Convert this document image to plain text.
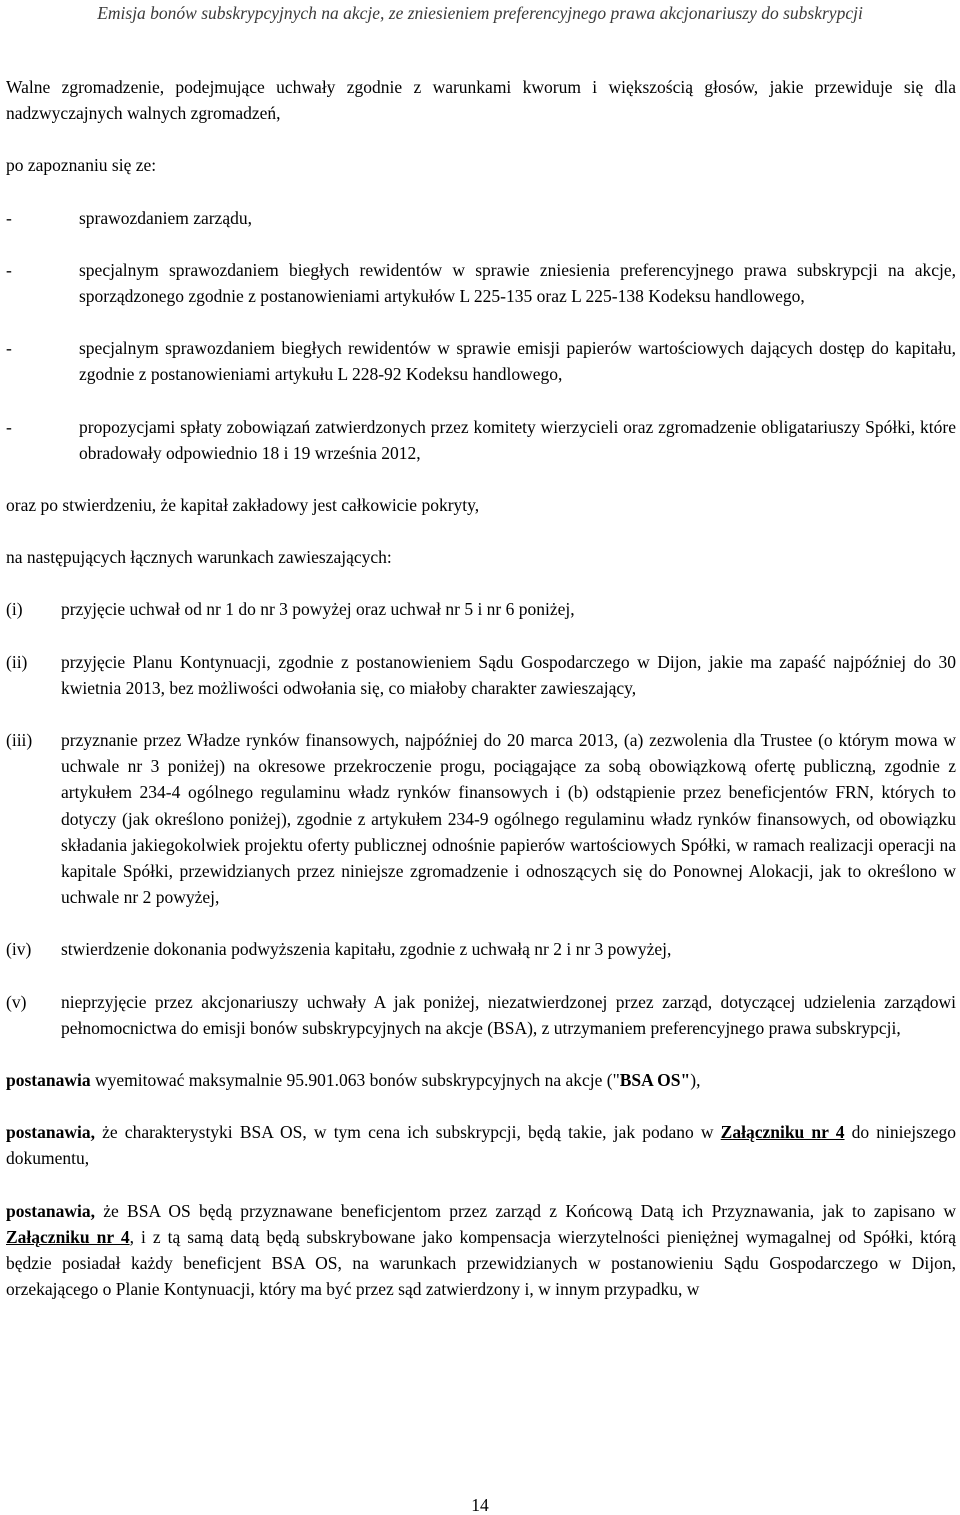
Emisja bonów subskrypcyjnych na akcje, ze zniesieniem preferencyjnego prawa akcjonariuszy do subskrypcji

Walne zgromadzenie, podejmujące uchwały zgodnie z warunkami kworum i większością głosów, jakie przewiduje się dla nadzwyczajnych walnych zgromadzeń,

po zapoznaniu się ze:

-	sprawozdaniem zarządu,

-	specjalnym sprawozdaniem biegłych rewidentów w sprawie zniesienia preferencyjnego prawa subskrypcji na akcje, sporządzonego zgodnie z postanowieniami artykułów L 225-135 oraz L 225-138 Kodeksu handlowego,

-	specjalnym sprawozdaniem biegłych rewidentów w sprawie emisji papierów wartościowych dających dostęp do kapitału, zgodnie z postanowieniami artykułu L 228-92 Kodeksu handlowego,

-	propozycjami spłaty zobowiązań zatwierdzonych przez komitety wierzycieli oraz zgromadzenie obligatariuszy Spółki, które obradowały odpowiednio 18 i 19 września 2012,

oraz po stwierdzeniu, że kapitał zakładowy jest całkowicie pokryty,

na następujących łącznych warunkach zawieszających:

(i) przyjęcie uchwał od nr 1 do nr 3 powyżej oraz uchwał nr 5 i nr 6 poniżej,

(ii) przyjęcie Planu Kontynuacji, zgodnie z postanowieniem Sądu Gospodarczego w Dijon, jakie ma zapaść najpóźniej do 30 kwietnia 2013, bez możliwości odwołania się, co miałoby charakter zawieszający,

(iii) przyznanie przez Władze rynków finansowych, najpóźniej do 20 marca 2013, (a) zezwolenia dla Trustee (o którym mowa w uchwale nr 3 poniżej) na okresowe przekroczenie progu, pociągające za sobą obowiązkową ofertę publiczną, zgodnie z artykułem 234-4 ogólnego regulaminu władz rynków finansowych i (b) odstąpienie przez beneficjentów FRN, których to dotyczy (jak określono poniżej), zgodnie z artykułem 234-9 ogólnego regulaminu władz rynków finansowych, od obowiązku składania jakiegokolwiek projektu oferty publicznej odnośnie papierów wartościowych Spółki, w ramach realizacji operacji na kapitale Spółki, przewidzianych przez niniejsze zgromadzenie i odnoszących się do Ponownej Alokacji, jak to określono w uchwale nr 2 powyżej,

(iv) stwierdzenie dokonania podwyższenia kapitału, zgodnie z uchwałą nr 2 i nr 3 powyżej,

(v) nieprzyjęcie przez akcjonariuszy uchwały A jak poniżej, niezatwierdzonej przez zarząd, dotyczącej udzielenia zarządowi pełnomocnictwa do emisji bonów subskrypcyjnych na akcje (BSA), z utrzymaniem preferencyjnego prawa subskrypcji,

postanawia wyemitować maksymalnie 95.901.063 bonów subskrypcyjnych na akcje ("BSA OS"),

postanawia, że charakterystyki BSA OS, w tym cena ich subskrypcji, będą takie, jak podano w Załączniku nr 4 do niniejszego dokumentu,

postanawia, że BSA OS będą przyznawane beneficjentom przez zarząd z Końcową Datą ich Przyznawania, jak to zapisano w Załączniku nr 4, i z tą samą datą będą subskrybowane jako kompensacja wierzytelności pieniężnej wymagalnej od Spółki, którą będzie posiadał każdy beneficjent BSA OS, na warunkach przewidzianych w postanowieniu Sądu Gospodarczego w Dijon, orzekającego o Planie Kontynuacji, który ma być przez sąd zatwierdzony i, w innym przypadku, w

14
